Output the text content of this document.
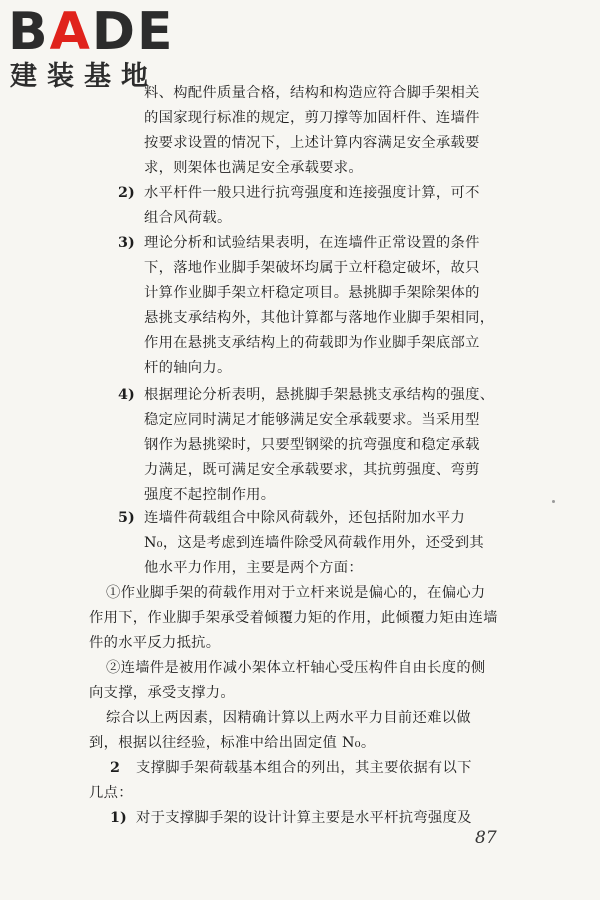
BADE
建装基地
料、构配件质量合格，结构和构造应符合脚手架相关
的国家现行标准的规定，剪刀撑等加固杆件、连墙件
按要求设置的情况下，上述计算内容满足安全承载要
求，则架体也满足安全承载要求。
2) 水平杆件一般只进行抗弯强度和连接强度计算，可不
组合风荷载。
3) 理论分析和试验结果表明，在连墙件正常设置的条件
下，落地作业脚手架破坏均属于立杆稳定破坏，故只
计算作业脚手架立杆稳定项目。悬挑脚手架除架体的
悬挑支承结构外，其他计算都与落地作业脚手架相同，
作用在悬挑支承结构上的荷载即为作业脚手架底部立
杆的轴向力。
4) 根据理论分析表明，悬挑脚手架悬挑支承结构的强度、
稳定应同时满足才能够满足安全承载要求。当采用型
钢作为悬挑梁时，只要型钢梁的抗弯强度和稳定承载
力满足，既可满足安全承载要求，其抗剪强度、弯剪
强度不起控制作用。
5) 连墙件荷载组合中除风荷载外，还包括附加水平力
N₀，这是考虑到连墙件除受风荷载作用外，还受到其
他水平力作用，主要是两个方面：
①作业脚手架的荷载作用对于立杆来说是偏心的，在偏心力
作用下，作业脚手架承受着倾覆力矩的作用，此倾覆力矩由连墙
件的水平反力抵抗。
②连墙件是被用作减小架体立杆轴心受压构件自由长度的侧
向支撑，承受支撑力。
综合以上两因素，因精确计算以上两水平力目前还难以做
到，根据以往经验，标准中给出固定值 N₀。
2 支撑脚手架荷载基本组合的列出，其主要依据有以下
几点：
1) 对于支撑脚手架的设计计算主要是水平杆抗弯强度及
87
